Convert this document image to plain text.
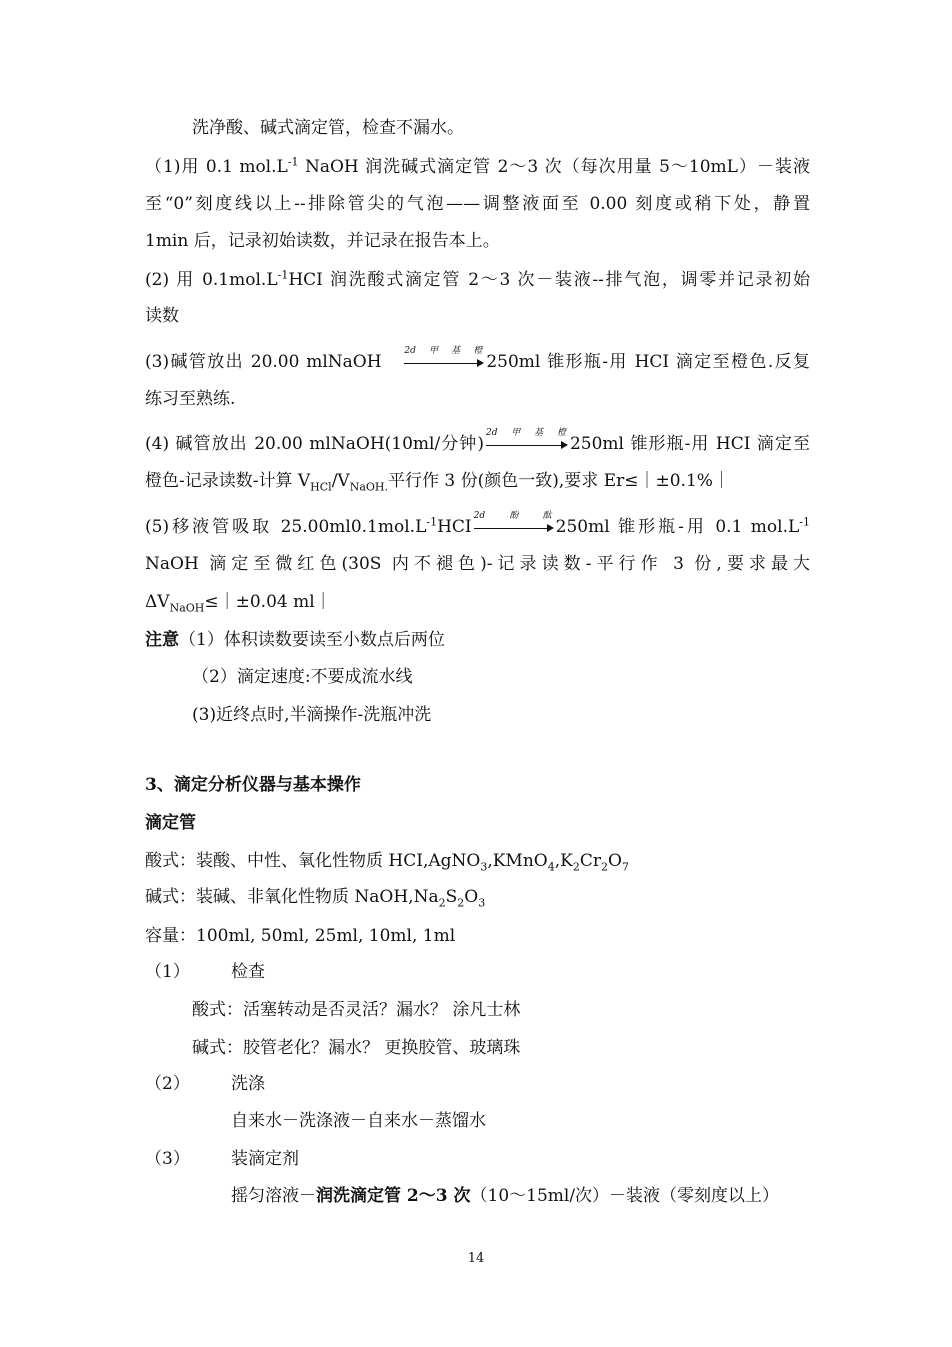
洗净酸、碱式滴定管，检查不漏水。
（1)用 0.1 $mol.L^{-1}$ NaOH 润洗碱式滴定管 2～3 次（每次用量 5～10mL）－装液
至“0”刻度线以上--排除管尖的气泡——调整液面至 0.00 刻度或稍下处，静置
1min 后，记录初始读数，并记录在报告本上。
(2) 用 $0.1mol.L^{-1}HCI$ 润洗酸式滴定管 2～3 次－装液--排气泡，调零并记录初始
读数
(3)碱管放出 20.00 mlNaOH
2d甲基橙
250ml 锥形瓶-用 HCI 滴定至橙色.反复
练习至熟练.
(4) 碱管放出 20.00 mlNaOH(10ml/分钟)
2d甲基橙
250ml 锥形瓶-用 HCI 滴定至
橙色-记录读数-计算 $V_{HCl}/V_{NaOH.}$平行作 3 份(颜色一致),要求 Er≤｜±0.1%｜
(5)移液管吸取 $25.00ml0.1mol.L^{-1}HCI$
2d酚酞
250ml 锥形瓶-用 0.1 $mol.L^{-1}$
NaOH 滴定至微红色(30S 内不褪色)-记录读数-平行作 3 份,要求最大
$\Delta V_{NaOH}\le|\pm 0.04$ ml｜
注意（1）体积读数要读至小数点后两位
（2）滴定速度:不要成流水线
(3)近终点时,半滴操作-洗瓶冲洗
3、滴定分析仪器与基本操作
滴定管
酸式：装酸、中性、氧化性物质 $HCI,AgNO_3,KMnO_4,K_2Cr_2O_7$
碱式：装碱、非氧化性物质 $NaOH,Na_2S_2O_3$
容量：100ml, 50ml, 25ml, 10ml, 1ml
（1） 检查
酸式：活塞转动是否灵活？漏水？ 涂凡士林
碱式：胶管老化？漏水？ 更换胶管、玻璃珠
（2） 洗涤
自来水－洗涤液－自来水－蒸馏水
（3） 装滴定剂
摇匀溶液－润洗滴定管 2～3 次（10～15ml/次）－装液（零刻度以上）
14
